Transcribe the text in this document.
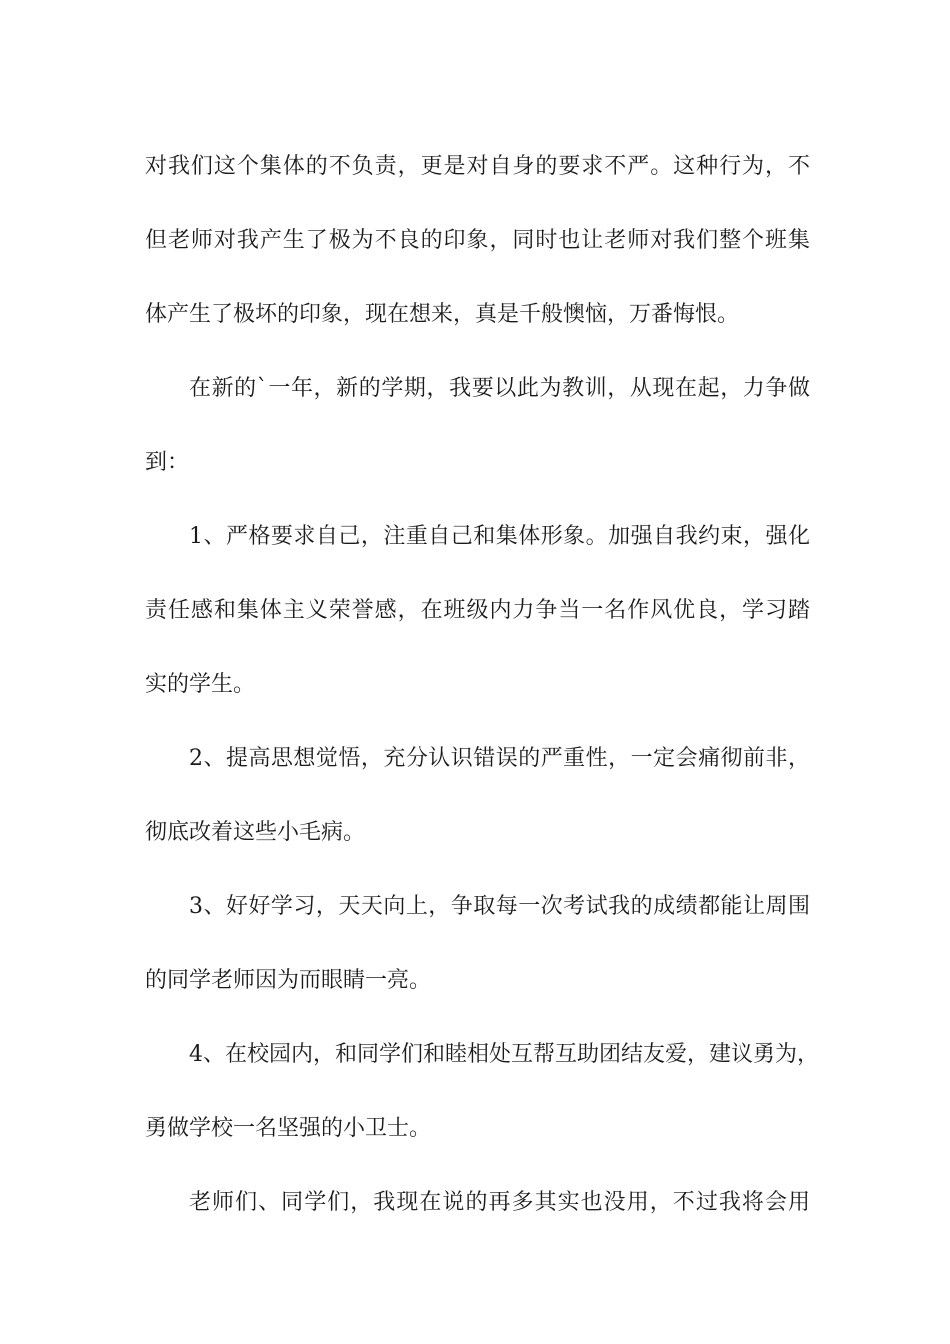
对我们这个集体的不负责，更是对自身的要求不严。这种行为，不
但老师对我产生了极为不良的印象，同时也让老师对我们整个班集
体产生了极坏的印象，现在想来，真是千般懊恼，万番悔恨。
在新的`一年，新的学期，我要以此为教训，从现在起，力争做
到：
1、严格要求自己，注重自己和集体形象。加强自我约束，强化
责任感和集体主义荣誉感，在班级内力争当一名作风优良，学习踏
实的学生。
2、提高思想觉悟，充分认识错误的严重性，一定会痛彻前非，
彻底改着这些小毛病。
3、好好学习，天天向上，争取每一次考试我的成绩都能让周围
的同学老师因为而眼睛一亮。
4、在校园内，和同学们和睦相处互帮互助团结友爱，建议勇为，
勇做学校一名坚强的小卫士。
老师们、同学们，我现在说的再多其实也没用，不过我将会用
